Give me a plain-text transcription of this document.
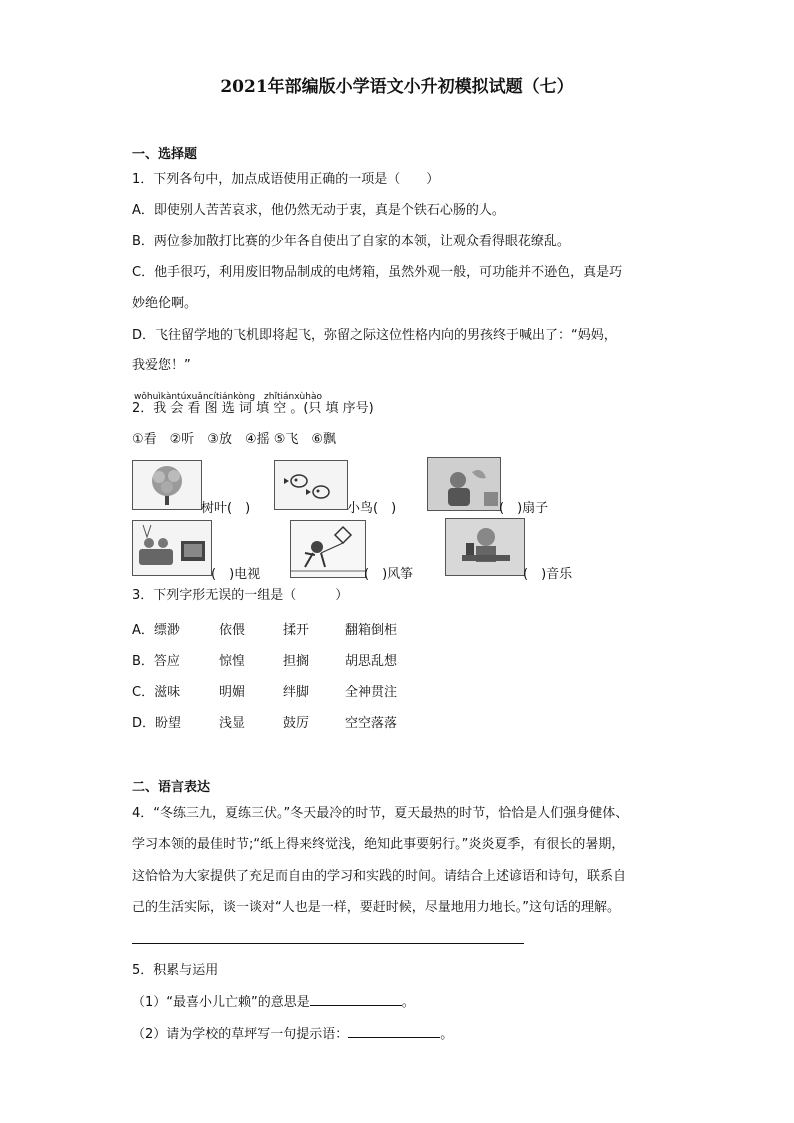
2021年部编版小学语文小升初模拟试题（七）
一、选择题
1．下列各句中，加点成语使用正确的一项是（　　）
A．即使别人苦苦哀求，他仍然无动于衷，真是个铁石心肠的人。
B．两位参加散打比赛的少年各自使出了自家的本领，让观众看得眼花缭乱。
C．他手很巧，利用废旧物品制成的电烤箱，虽然外观一般，可功能并不逊色，真是巧
妙绝伦啊。
D．飞往留学地的飞机即将起飞，弥留之际这位性格内向的男孩终于喊出了：“妈妈，
我爱您！”
wǒhuìkàntúxuǎncítiánkòng　zhǐtiánxùhào
2．我 会 看 图 选 词 填 空 。(只 填 序号)
①看　②听　③放　④摇 ⑤飞　⑥飘
树叶(　)	小鸟(　)	(　)扇子
(　)电视	(　)风筝	(　)音乐
3．下列字形无误的一组是（　　　）
A．缥渺	依偎	揉开	翻箱倒柜
B．答应	惊惶	担搁	胡思乱想
C．滋味	明媚	绊脚	全神贯注
D．盼望	浅显	鼓厉	空空落落
二、语言表达
4．“冬练三九，夏练三伏。”冬天最冷的时节，夏天最热的时节，恰恰是人们强身健体、
学习本领的最佳时节;“纸上得来终觉浅，绝知此事要躬行。”炎炎夏季，有很长的暑期，
这恰恰为大家提供了充足而自由的学习和实践的时间。请结合上述谚语和诗句，联系自
己的生活实际，谈一谈对“人也是一样，要赶时候，尽量地用力地长。”这句话的理解。
5．积累与运用
（1）“最喜小儿亡赖”的意思是	。
（2）请为学校的草坪写一句提示语：	。
